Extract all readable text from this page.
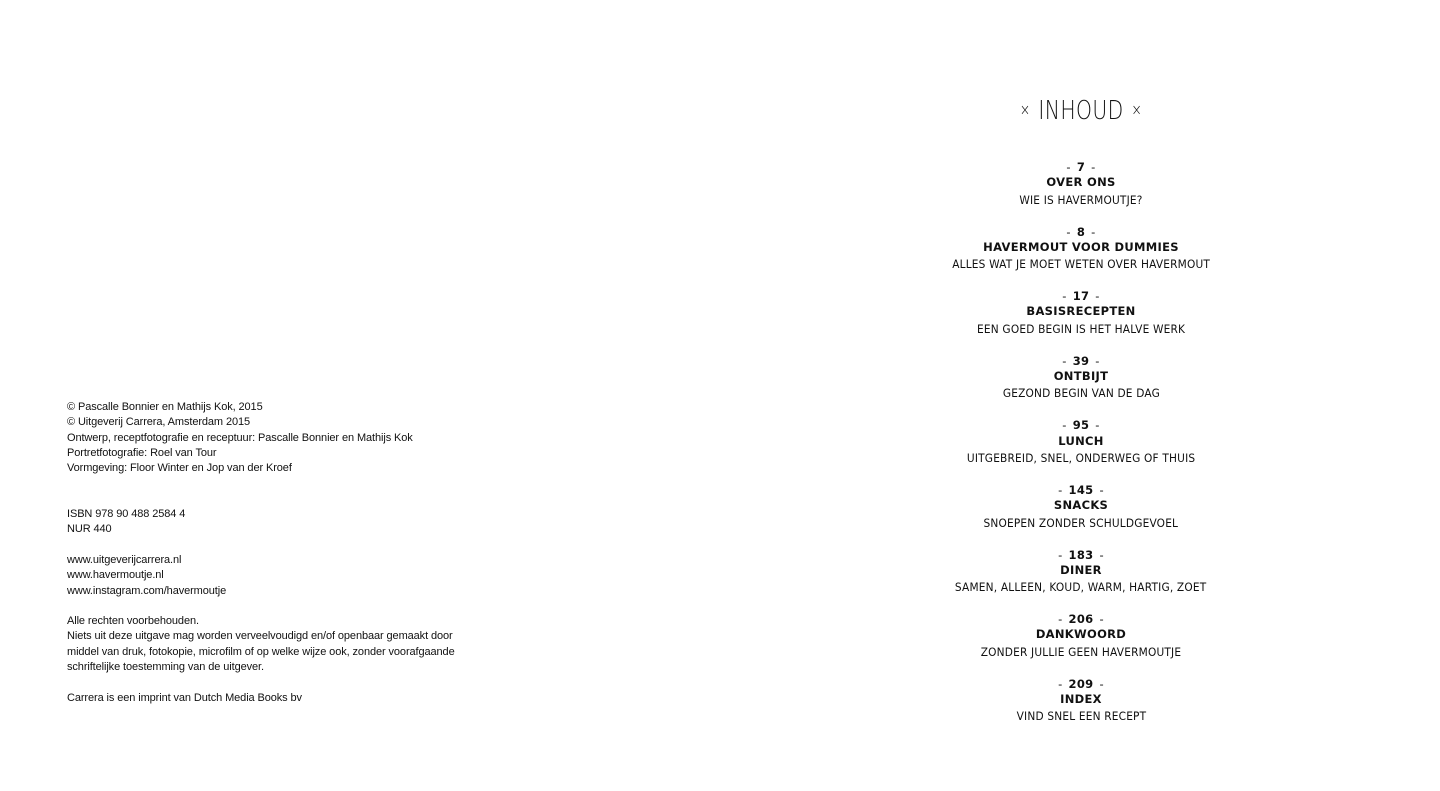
© Pascalle Bonnier en Mathijs Kok, 2015
© Uitgeverij Carrera, Amsterdam 2015
Ontwerp, receptfotografie en receptuur: Pascalle Bonnier en Mathijs Kok
Portretfotografie: Roel van Tour
Vormgeving: Floor Winter en Jop van der Kroef
ISBN 978 90 488 2584 4
NUR 440
www.uitgeverijcarrera.nl
www.havermoutje.nl
www.instagram.com/havermoutje
Alle rechten voorbehouden.
Niets uit deze uitgave mag worden verveelvoudigd en/of openbaar gemaakt door
middel van druk, fotokopie, microfilm of op welke wijze ook, zonder voorafgaande
schriftelijke toestemming van de uitgever.
Carrera is een imprint van Dutch Media Books bv
× INHOUD ×
- 7 -
OVER ONS
WIE IS HAVERMOUTJE?
- 8 -
HAVERMOUT VOOR DUMMIES
ALLES WAT JE MOET WETEN OVER HAVERMOUT
- 17 -
BASISRECEPTEN
EEN GOED BEGIN IS HET HALVE WERK
- 39 -
ONTBIJT
GEZOND BEGIN VAN DE DAG
- 95 -
LUNCH
UITGEBREID, SNEL, ONDERWEG OF THUIS
- 145 -
SNACKS
SNOEPEN ZONDER SCHULDGEVOEL
- 183 -
DINER
SAMEN, ALLEEN, KOUD, WARM, HARTIG, ZOET
- 206 -
DANKWOORD
ZONDER JULLIE GEEN HAVERMOUTJE
- 209 -
INDEX
VIND SNEL EEN RECEPT
